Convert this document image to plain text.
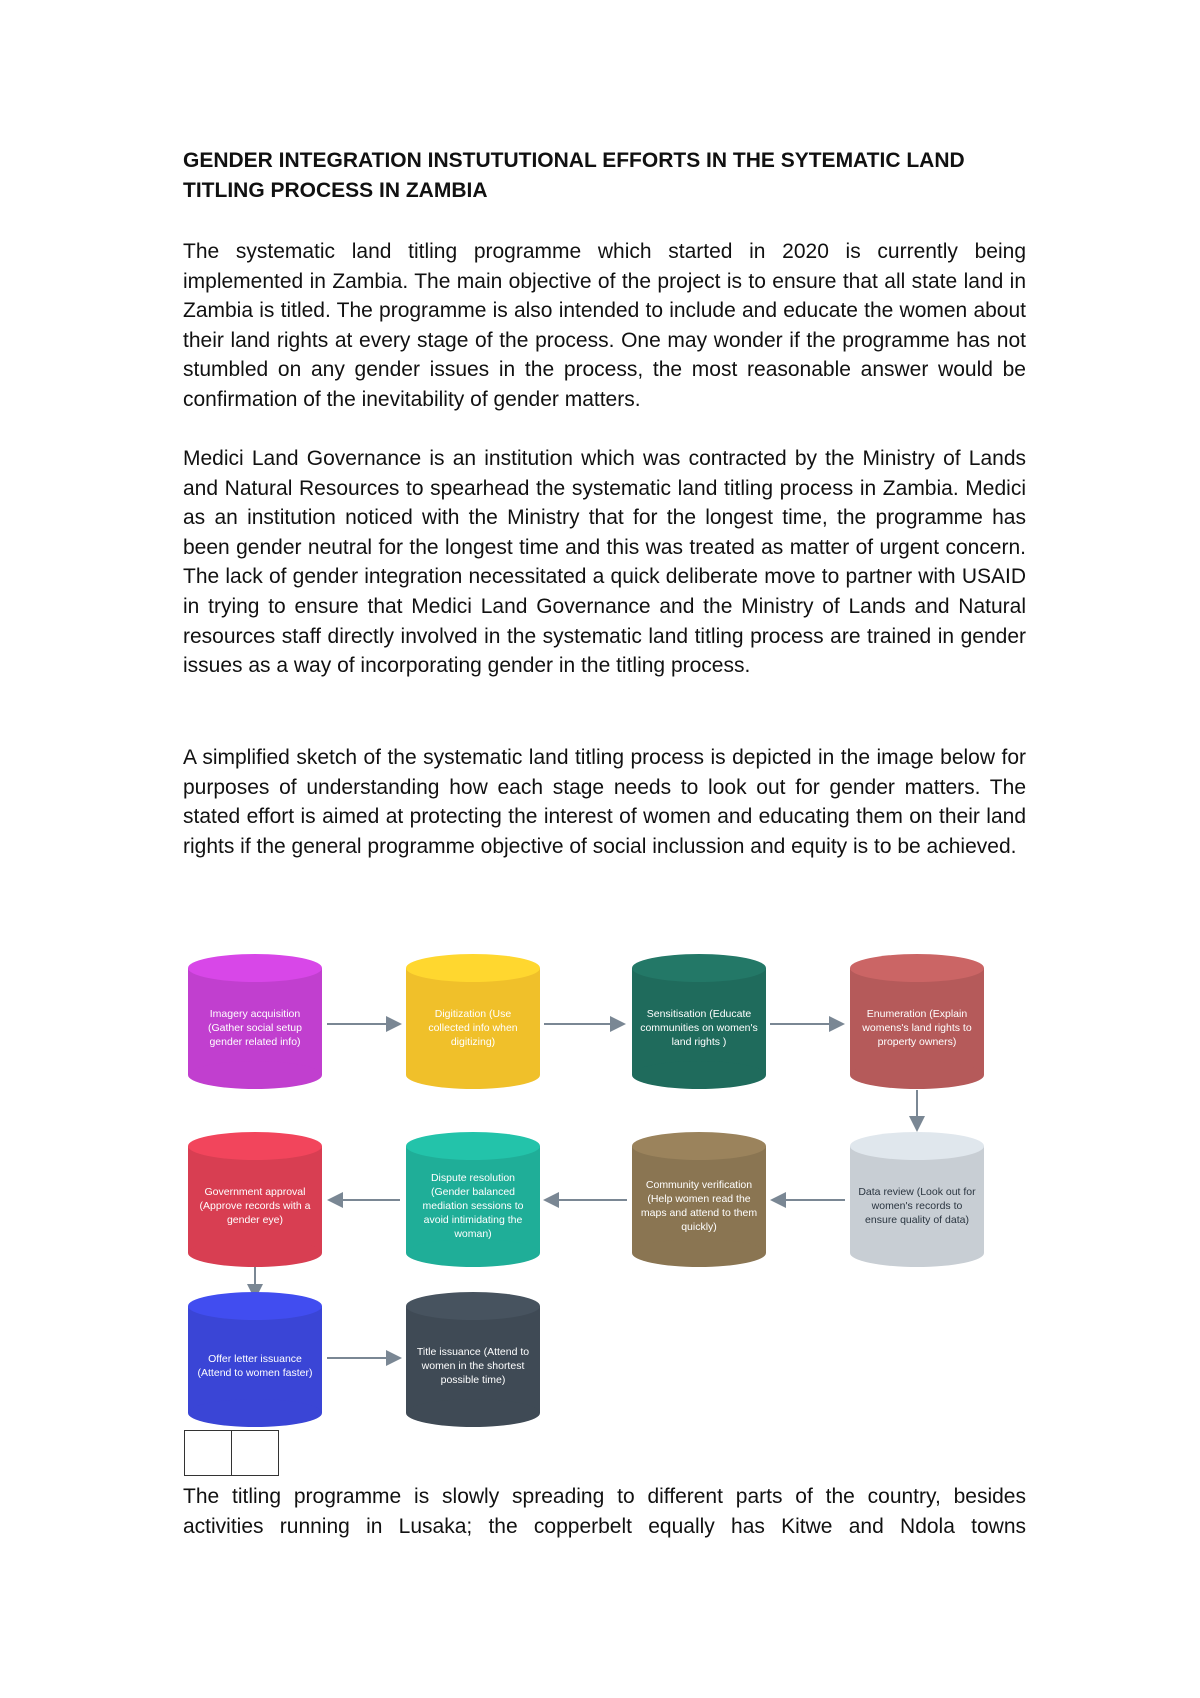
GENDER INTEGRATION INSTUTUTIONAL EFFORTS IN THE SYTEMATIC LAND TITLING PROCESS IN ZAMBIA

The systematic land titling programme which started in 2020 is currently being implemented in Zambia. The main objective of the project is to ensure that all state land in Zambia is titled. The programme is also intended to include and educate the women about their land rights at every stage of the process. One may wonder if the programme has not stumbled on any gender issues in the process, the most reasonable answer would be confirmation of the inevitability of gender matters.

Medici Land Governance is an institution which was contracted by the Ministry of Lands and Natural Resources to spearhead the systematic land titling process in Zambia. Medici as an institution noticed with the Ministry that for the longest time, the programme has been gender neutral for the longest time and this was treated as matter of urgent concern. The lack of gender integration necessitated a quick deliberate move to partner with USAID in trying to ensure that Medici Land Governance and the Ministry of Lands and Natural resources staff directly involved in the systematic land titling process are trained in gender issues as a way of incorporating gender in the titling process.

A simplified sketch of the systematic land titling process is depicted in the image below for purposes of understanding how each stage needs to look out for gender matters. The stated effort is aimed at protecting the interest of women and educating them on their land rights if the general programme objective of social inclussion and equity is to be achieved.

Imagery acquisition (Gather social setup gender related info)
Digitization (Use collected info when digitizing)
Sensitisation (Educate communities on women's land rights )
Enumeration (Explain womens's land rights to property owners)
Data review (Look out for women's records to ensure quality of data)
Community verification (Help women read the maps and attend to them quickly)
Dispute resolution (Gender balanced mediation sessions to avoid intimidating the woman)
Government approval (Approve records with a gender eye)
Offer letter issuance (Attend to women faster)
Title issuance (Attend to women in the shortest possible time)

The titling programme is slowly spreading to different parts of the country, besides activities running in Lusaka; the copperbelt equally has Kitwe and Ndola towns
